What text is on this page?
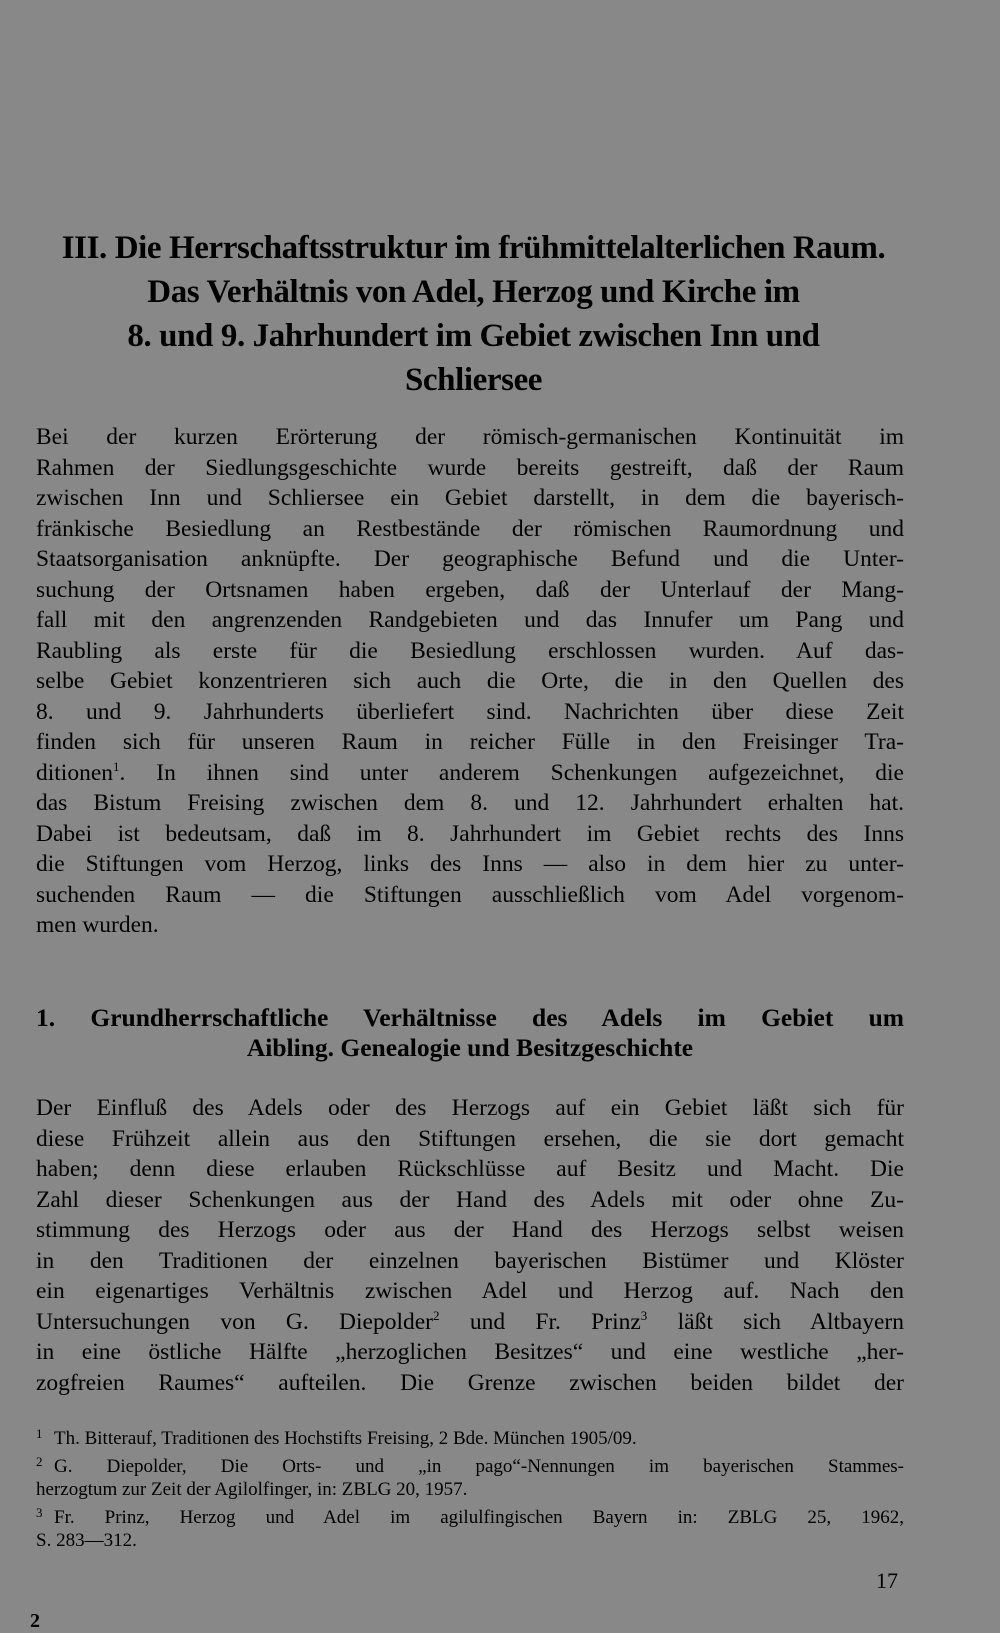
III. Die Herrschaftsstruktur im frühmittelalterlichen Raum.
Das Verhältnis von Adel, Herzog und Kirche im
8. und 9. Jahrhundert im Gebiet zwischen Inn und
Schliersee
Bei der kurzen Erörterung der römisch-germanischen Kontinuität im
Rahmen der Siedlungsgeschichte wurde bereits gestreift, daß der Raum
zwischen Inn und Schliersee ein Gebiet darstellt, in dem die bayerisch-
fränkische Besiedlung an Restbestände der römischen Raumordnung und
Staatsorganisation anknüpfte. Der geographische Befund und die Unter-
suchung der Ortsnamen haben ergeben, daß der Unterlauf der Mang-
fall mit den angrenzenden Randgebieten und das Innufer um Pang und
Raubling als erste für die Besiedlung erschlossen wurden. Auf das-
selbe Gebiet konzentrieren sich auch die Orte, die in den Quellen des
8. und 9. Jahrhunderts überliefert sind. Nachrichten über diese Zeit
finden sich für unseren Raum in reicher Fülle in den Freisinger Tra-
ditionen$^1$. In ihnen sind unter anderem Schenkungen aufgezeichnet, die
das Bistum Freising zwischen dem 8. und 12. Jahrhundert erhalten hat.
Dabei ist bedeutsam, daß im 8. Jahrhundert im Gebiet rechts des Inns
die Stiftungen vom Herzog, links des Inns — also in dem hier zu unter-
suchenden Raum — die Stiftungen ausschließlich vom Adel vorgenom-
men wurden.
1. Grundherrschaftliche Verhältnisse des Adels im Gebiet um
Aibling. Genealogie und Besitzgeschichte
Der Einfluß des Adels oder des Herzogs auf ein Gebiet läßt sich für
diese Frühzeit allein aus den Stiftungen ersehen, die sie dort gemacht
haben; denn diese erlauben Rückschlüsse auf Besitz und Macht. Die
Zahl dieser Schenkungen aus der Hand des Adels mit oder ohne Zu-
stimmung des Herzogs oder aus der Hand des Herzogs selbst weisen
in den Traditionen der einzelnen bayerischen Bistümer und Klöster
ein eigenartiges Verhältnis zwischen Adel und Herzog auf. Nach den
Untersuchungen von G. Diepolder$^2$ und Fr. Prinz$^3$ läßt sich Altbayern
in eine östliche Hälfte „herzoglichen Besitzes“ und eine westliche „her-
zogfreien Raumes“ aufteilen. Die Grenze zwischen beiden bildet der
1 Th. Bitterauf, Traditionen des Hochstifts Freising, 2 Bde. München 1905/09.
2 G. Diepolder, Die Orts- und „in pago“-Nennungen im bayerischen Stammes-
herzogtum zur Zeit der Agilolfinger, in: ZBLG 20, 1957.
3 Fr. Prinz, Herzog und Adel im agilulfingischen Bayern in: ZBLG 25, 1962,
S. 283—312.
17
2
